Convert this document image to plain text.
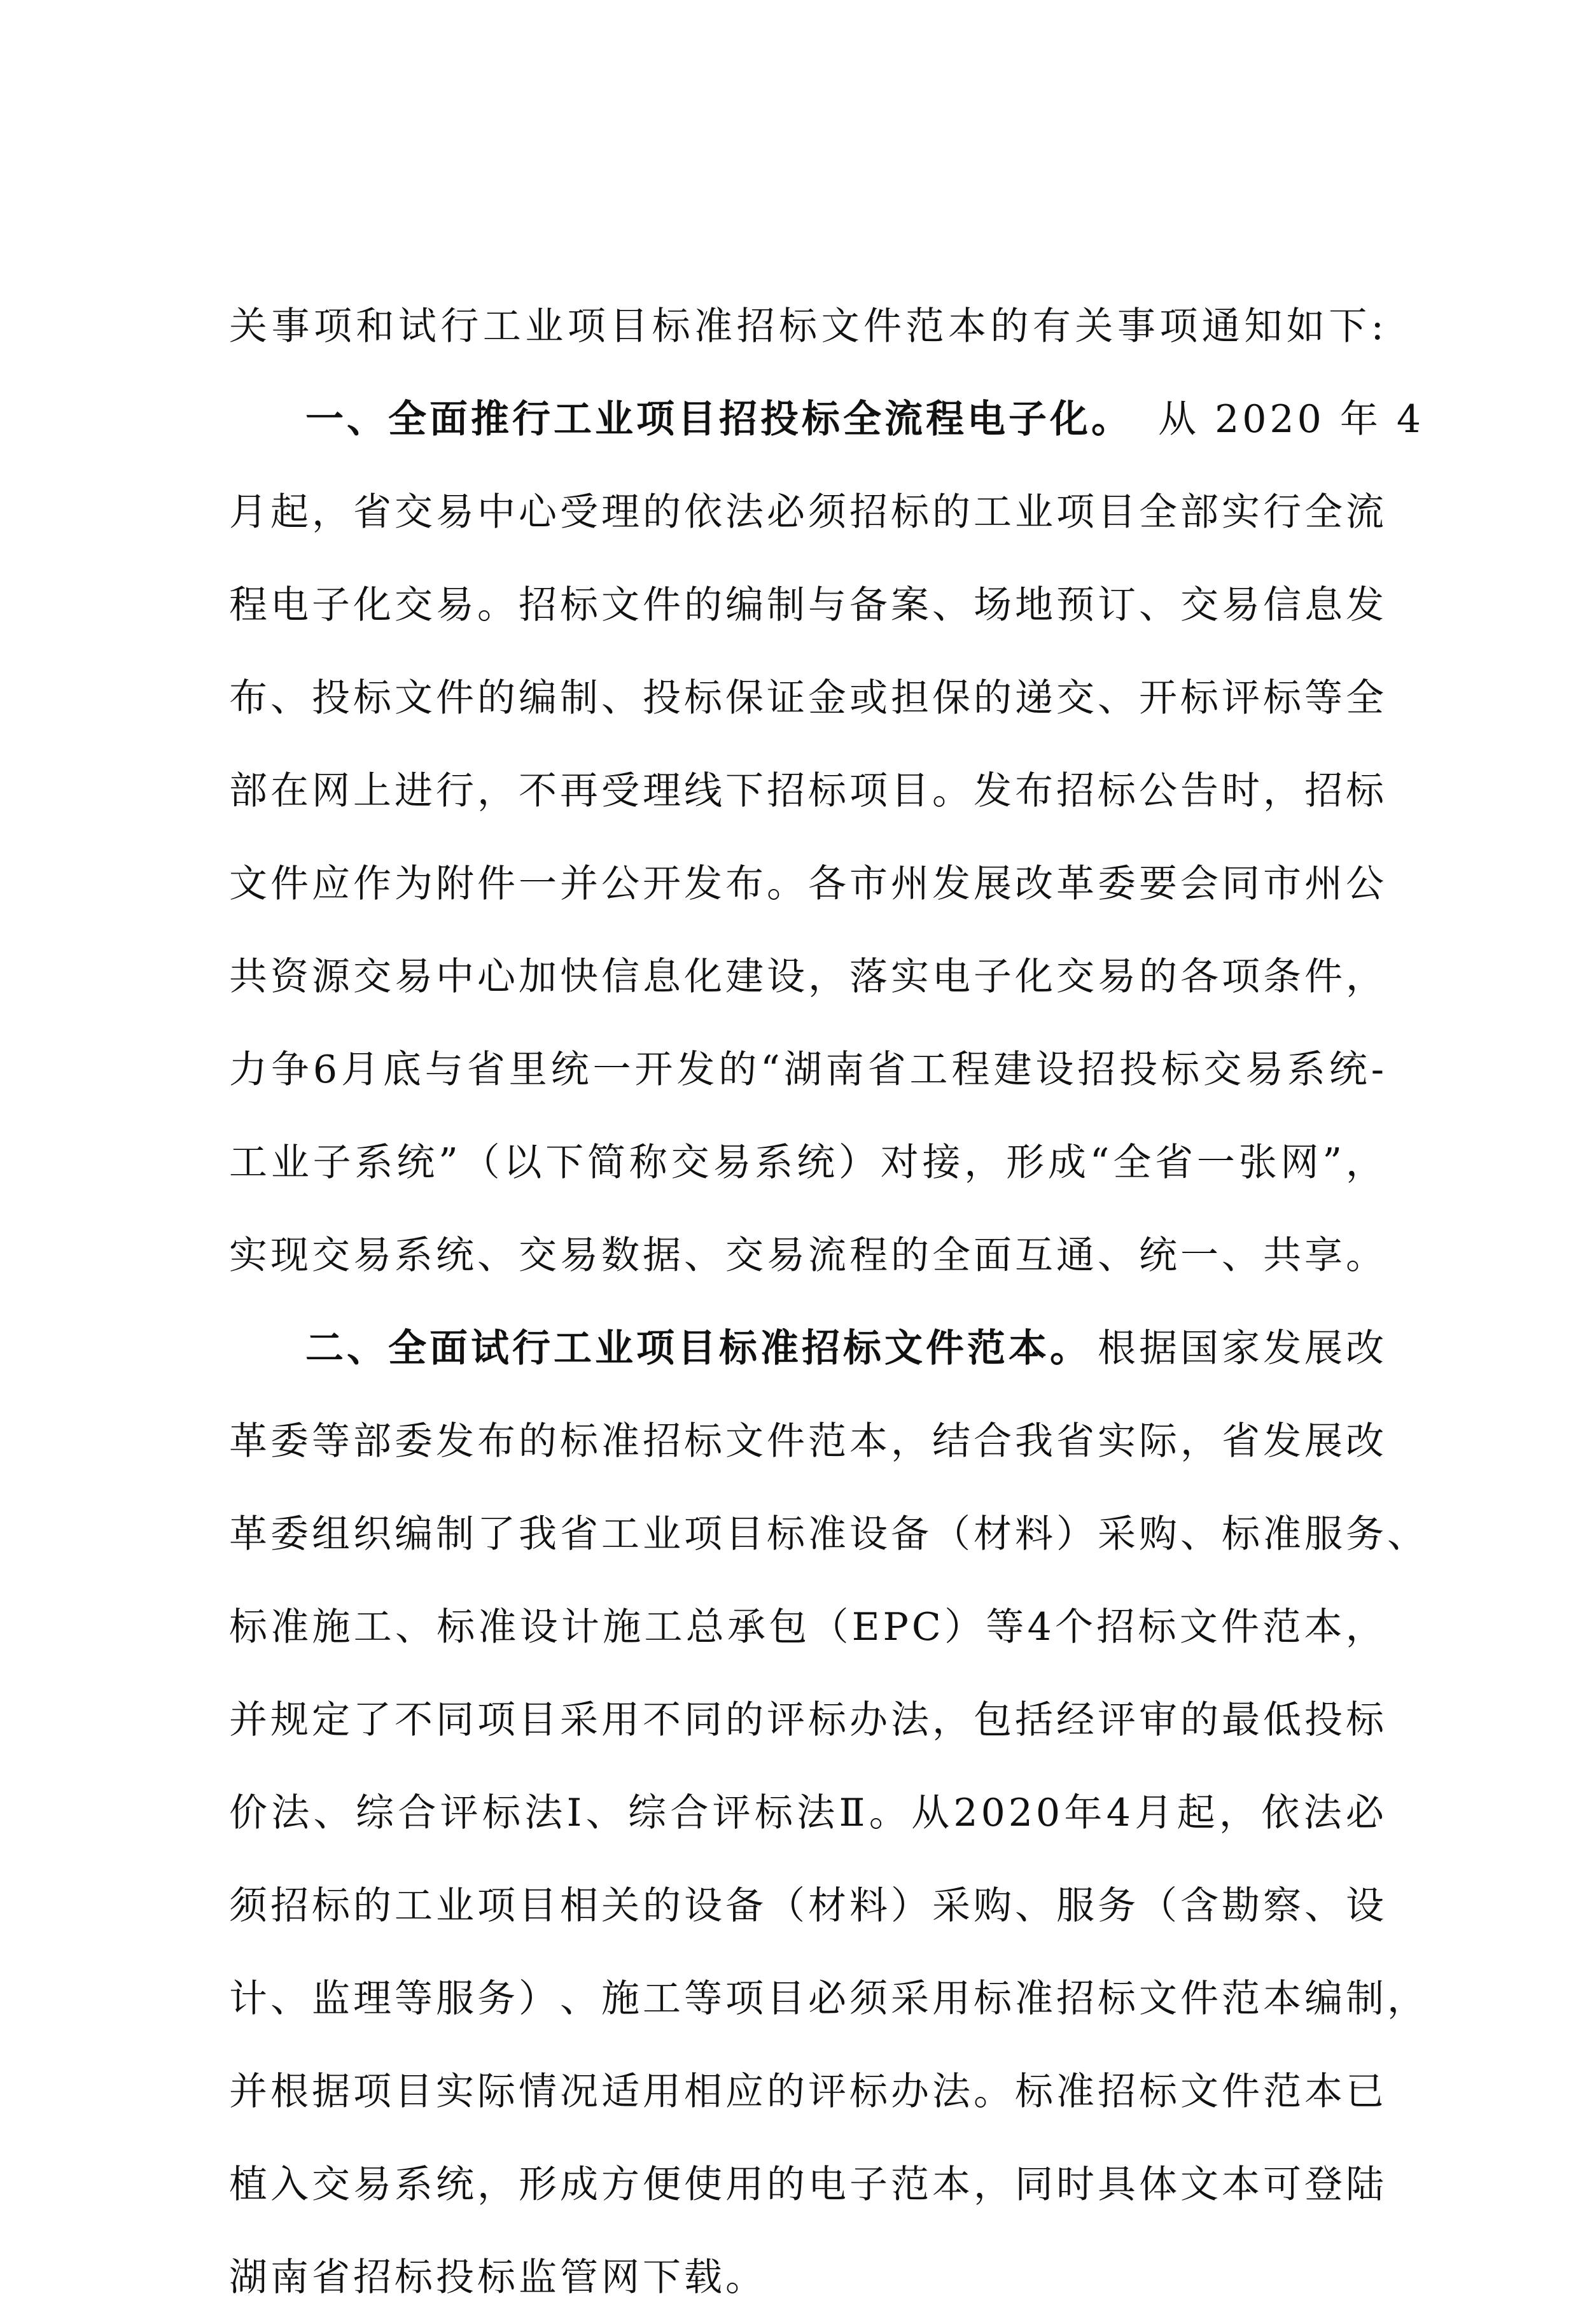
关 事 项 和 试 行 工 业 项 目 标 准 招 标 文 件 范 本 的 有 关 事 项 通 知 如 下 :
一、全面推行工业项目招投标全流程电子化。 从 2020 年 4
月 起 ， 省 交 易 中 心 受 理 的 依 法 必 须 招 标 的 工 业 项 目 全 部 实 行 全 流
程 电 子 化 交 易 。 招 标 文 件 的 编 制 与 备 案 、 场 地 预 订 、 交 易 信 息 发
布 、 投 标 文 件 的 编 制 、 投 标 保 证 金 或 担 保 的 递 交 、 开 标 评 标 等 全
部 在 网 上 进 行 ， 不 再 受 理 线 下 招 标 项 目 。 发 布 招 标 公 告 时 ， 招 标
文 件 应 作 为 附 件 一 并 公 开 发 布 。 各 市 州 发 展 改 革 委 要 会 同 市 州 公
共 资 源 交 易 中 心 加 快 信 息 化 建 设 ， 落 实 电 子 化 交 易 的 各 项 条 件 ，
力 争 6 月 底 与 省 里 统 一 开 发 的 “ 湖 南 省 工 程 建 设 招 投 标 交 易 系 统 -
工 业 子 系 统 ” （ 以 下 简 称 交 易 系 统 ） 对 接 ， 形 成 “ 全 省 一 张 网 ” ，
实 现 交 易 系 统 、 交 易 数 据 、 交 易 流 程 的 全 面 互 通 、 统 一 、 共 享 。
二、全面试行工业项目标准招标文件范本。 根据国家发展改
革 委 等 部 委 发 布 的 标 准 招 标 文 件 范 本 ， 结 合 我 省 实 际 ， 省 发 展 改
革 委 组 织 编 制 了 我 省 工 业 项 目 标 准 设 备 （ 材 料 ） 采 购 、 标 准 服 务 、
标 准 施 工 、 标 准 设 计 施 工 总 承 包 （ EPC ） 等 4 个 招 标 文 件 范 本 ，
并 规 定 了 不 同 项 目 采 用 不 同 的 评 标 办 法 ， 包 括 经 评 审 的 最 低 投 标
价 法 、 综 合 评 标 法 Ⅰ 、 综 合 评 标 法 Ⅱ 。 从 2020 年 4 月 起 ， 依 法 必
须 招 标 的 工 业 项 目 相 关 的 设 备 （ 材 料 ） 采 购 、 服 务 （ 含 勘 察 、 设
计 、 监 理 等 服 务 ） 、 施 工 等 项 目 必 须 采 用 标 准 招 标 文 件 范 本 编 制 ，
并 根 据 项 目 实 际 情 况 适 用 相 应 的 评 标 办 法 。 标 准 招 标 文 件 范 本 已
植 入 交 易 系 统 ， 形 成 方 便 使 用 的 电 子 范 本 ， 同 时 具 体 文 本 可 登 陆
湖南省招标投标监管网下载。
